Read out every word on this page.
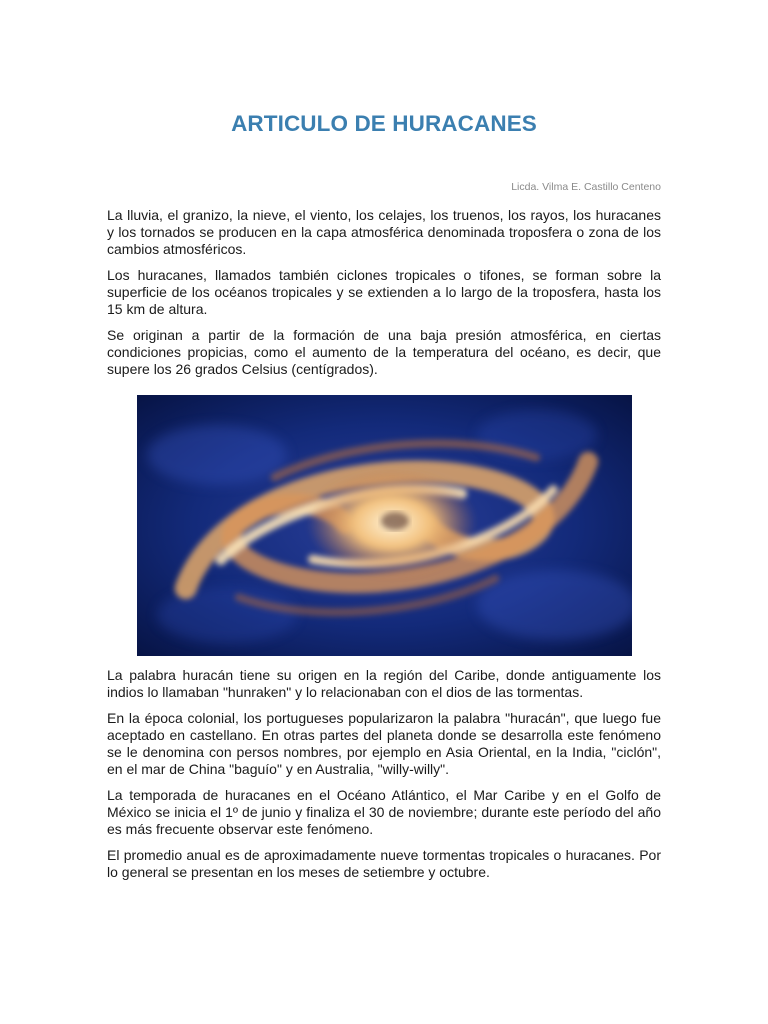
ARTICULO DE HURACANES

Licda. Vilma E. Castillo Centeno

La lluvia, el granizo, la nieve, el viento, los celajes, los truenos, los rayos, los huracanes y los tornados se producen en la capa atmosférica denominada troposfera o zona de los cambios atmosféricos.

Los huracanes, llamados también ciclones tropicales o tifones, se forman sobre la superficie de los océanos tropicales y se extienden a lo largo de la troposfera, hasta los 15 km de altura.

Se originan a partir de la formación de una baja presión atmosférica, en ciertas condiciones propicias, como el aumento de la temperatura del océano, es decir, que supere los 26 grados Celsius (centígrados).

La palabra huracán tiene su origen en la región del Caribe, donde antiguamente los indios lo llamaban "hunraken" y lo relacionaban con el dios de las tormentas.

En la época colonial, los portugueses popularizaron la palabra "huracán", que luego fue aceptado en castellano. En otras partes del planeta donde se desarrolla este fenómeno se le denomina con persos nombres, por ejemplo en Asia Oriental, en la India, "ciclón", en el mar de China "baguío" y en Australia, "willy-willy".

La temporada de huracanes en el Océano Atlántico, el Mar Caribe y en el Golfo de México se inicia el 1º de junio y finaliza el 30 de noviembre; durante este período del año es más frecuente observar este fenómeno.

El promedio anual es de aproximadamente nueve tormentas tropicales o huracanes. Por lo general se presentan en los meses de setiembre y octubre.
